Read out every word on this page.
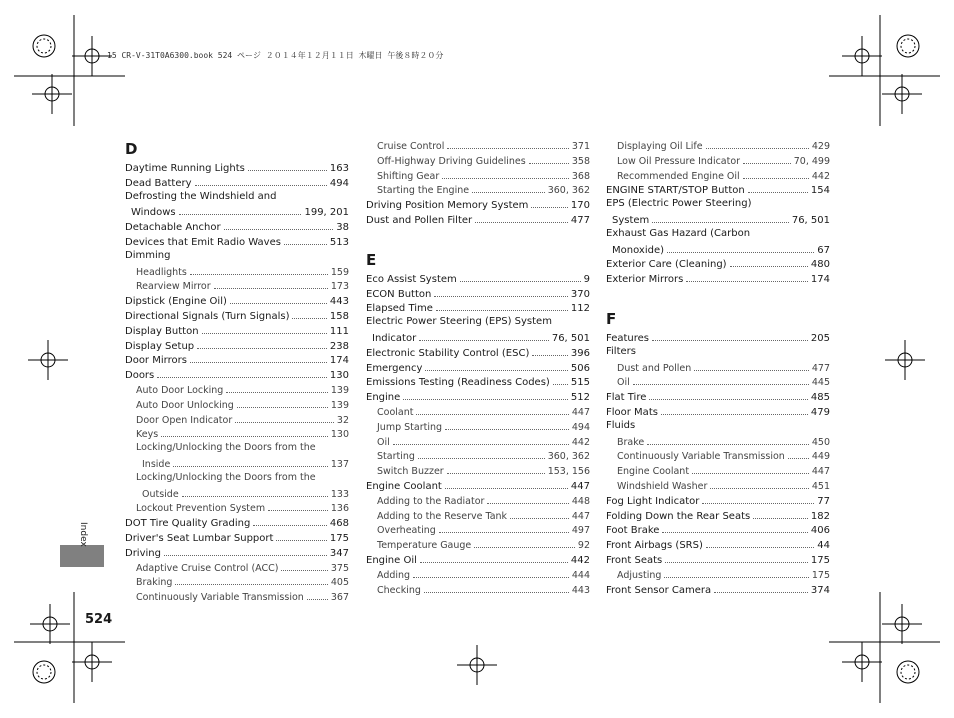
15 CR-V-31T0A6300.book 524 ページ ２０１４年１２月１１日 木曜日 午後８時２０分
D
Daytime Running Lights	163
Dead Battery	494
Defrosting the Windshield and
Windows	199, 201
Detachable Anchor	38
Devices that Emit Radio Waves	513
Dimming
Headlights	159
Rearview Mirror	173
Dipstick (Engine Oil)	443
Directional Signals (Turn Signals)	158
Display Button	111
Display Setup	238
Door Mirrors	174
Doors	130
Auto Door Locking	139
Auto Door Unlocking	139
Door Open Indicator	32
Keys	130
Locking/Unlocking the Doors from the
Inside	137
Locking/Unlocking the Doors from the
Outside	133
Lockout Prevention System	136
DOT Tire Quality Grading	468
Driver's Seat Lumbar Support	175
Driving	347
Adaptive Cruise Control (ACC)	375
Braking	405
Continuously Variable Transmission	367
Cruise Control	371
Off-Highway Driving Guidelines	358
Shifting Gear	368
Starting the Engine	360, 362
Driving Position Memory System	170
Dust and Pollen Filter	477
E
Eco Assist System	9
ECON Button	370
Elapsed Time	112
Electric Power Steering (EPS) System
Indicator	76, 501
Electronic Stability Control (ESC)	396
Emergency	506
Emissions Testing (Readiness Codes) 515
Engine	512
Coolant	447
Jump Starting	494
Oil	442
Starting	360, 362
Switch Buzzer	153, 156
Engine Coolant	447
Adding to the Radiator	448
Adding to the Reserve Tank	447
Overheating	497
Temperature Gauge	92
Engine Oil	442
Adding	444
Checking	443
Displaying Oil Life	429
Low Oil Pressure Indicator	70, 499
Recommended Engine Oil	442
ENGINE START/STOP Button	154
EPS (Electric Power Steering)
System	76, 501
Exhaust Gas Hazard (Carbon
Monoxide)	67
Exterior Care (Cleaning)	480
Exterior Mirrors	174
F
Features	205
Filters
Dust and Pollen	477
Oil	445
Flat Tire	485
Floor Mats	479
Fluids
Brake	450
Continuously Variable Transmission	449
Engine Coolant	447
Windshield Washer	451
Fog Light Indicator	77
Folding Down the Rear Seats	182
Foot Brake	406
Front Airbags (SRS)	44
Front Seats	175
Adjusting	175
Front Sensor Camera	374
Index
524
